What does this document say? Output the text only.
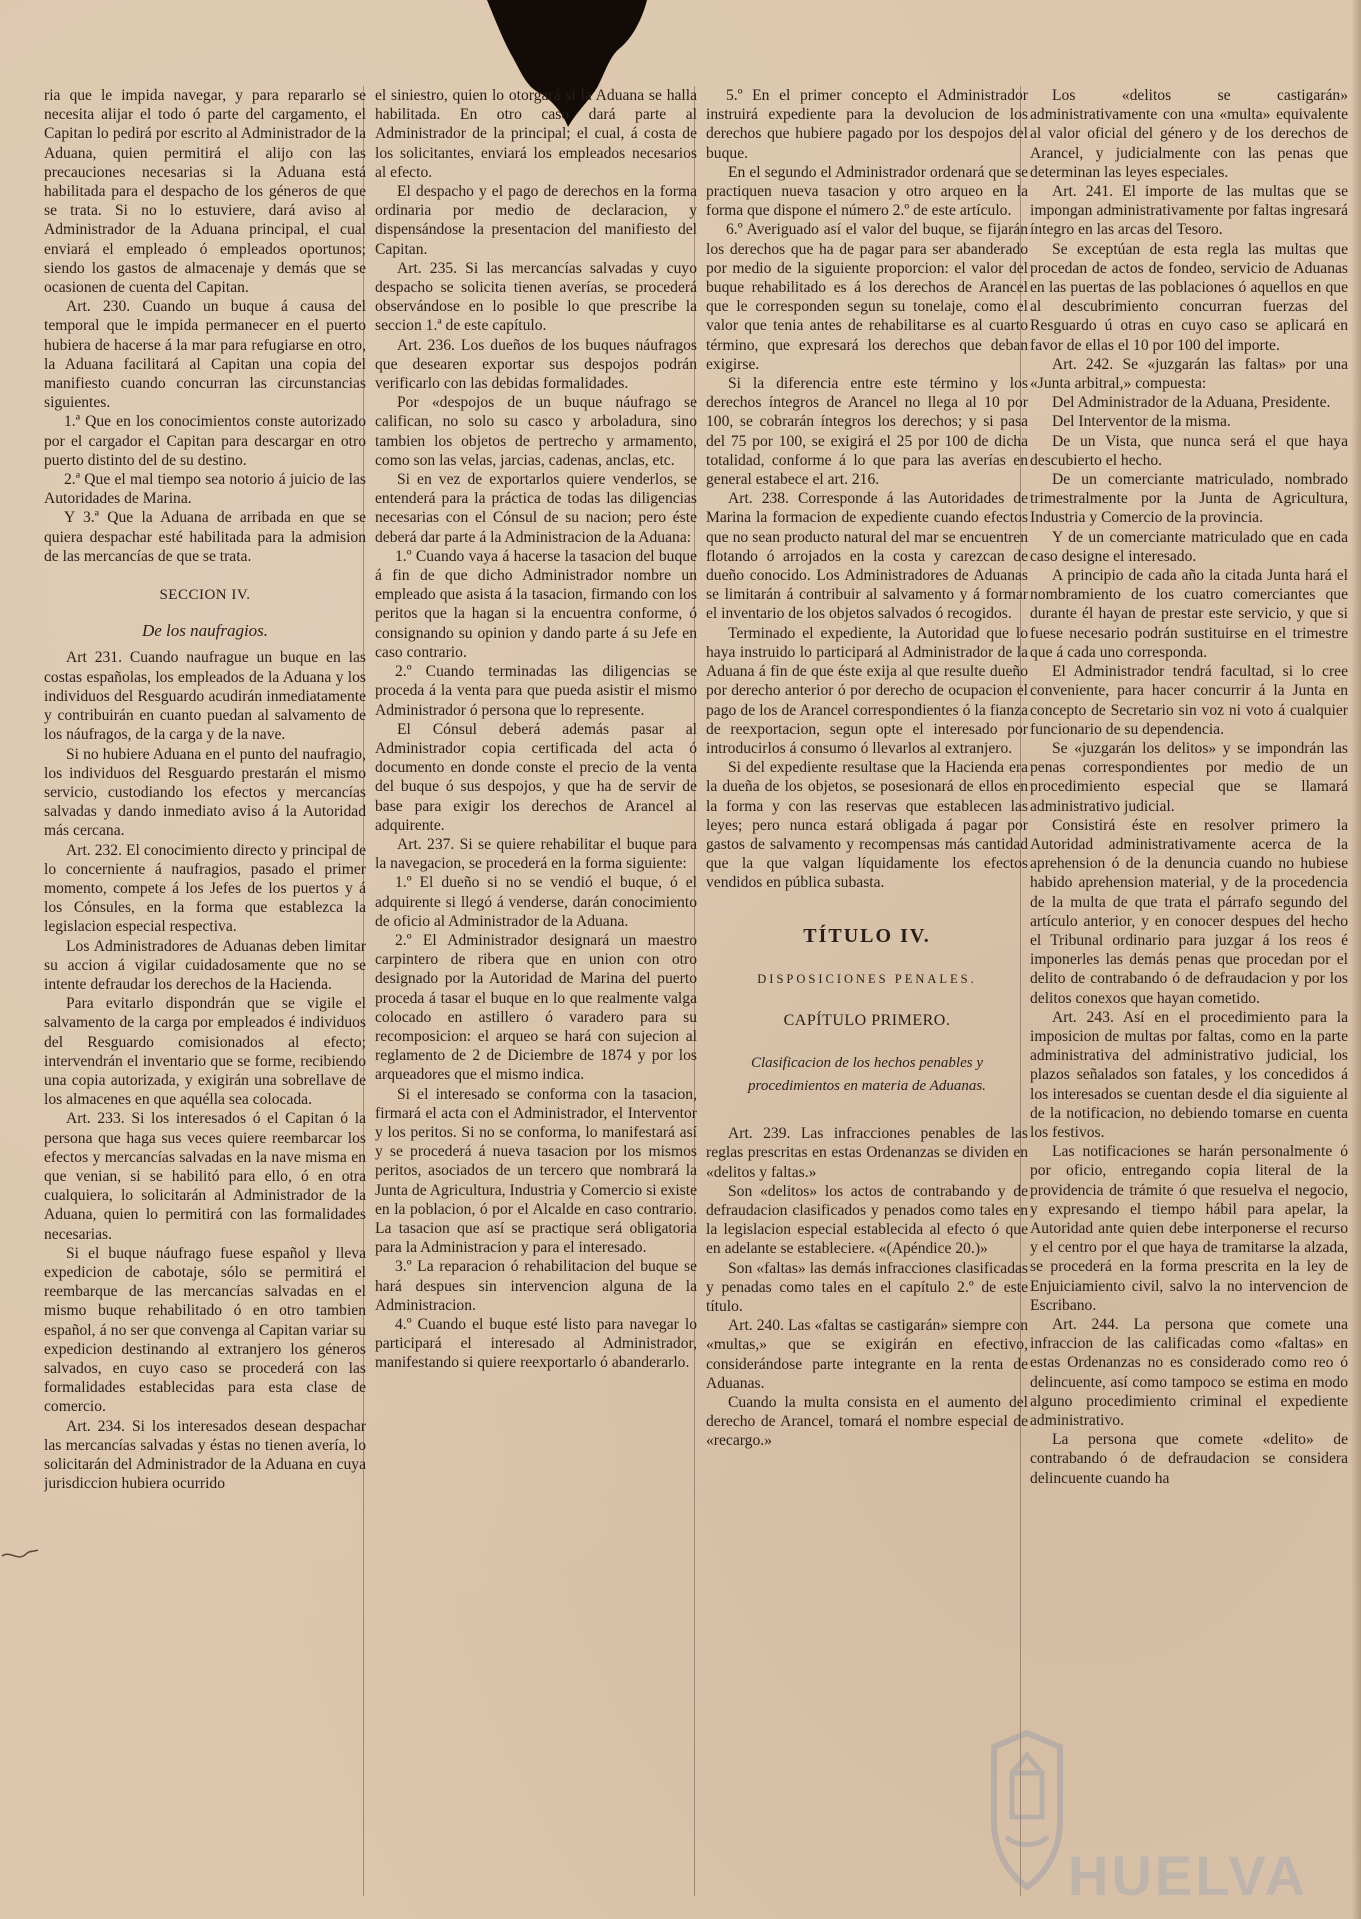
ria que le impida navegar, y para repararlo se necesita alijar el todo ó parte del cargamento, el Capitan lo pedirá por escrito al Administrador de la Aduana, quien permitirá el alijo con las precauciones necesarias si la Aduana está habilitada para el despacho de los géneros de que se trata. Si no lo estuviere, dará aviso al Administrador de la Aduana principal, el cual enviará el empleado ó empleados oportunos; siendo los gastos de almacenaje y demás que se ocasionen de cuenta del Capitan.

Art. 230. Cuando un buque á causa del temporal que le impida permanecer en el puerto hubiera de hacerse á la mar para refugiarse en otro, la Aduana facilitará al Capitan una copia del manifiesto cuando concurran las circunstancias siguientes.

1.ª Que en los conocimientos conste autorizado por el cargador el Capitan para descargar en otro puerto distinto del de su destino.

2.ª Que el mal tiempo sea notorio á juicio de las Autoridades de Marina.

Y 3.ª Que la Aduana de arribada en que se quiera despachar esté habilitada para la admision de las mercancías de que se trata.

SECCION IV.

De los naufragios.

Art 231. Cuando naufrague un buque en las costas españolas, los empleados de la Aduana y los individuos del Resguardo acudirán inmediatamente y contribuirán en cuanto puedan al salvamento de los náufragos, de la carga y de la nave.

Si no hubiere Aduana en el punto del naufragio, los individuos del Resguardo prestarán el mismo servicio, custodiando los efectos y mercancías salvadas y dando inmediato aviso á la Autoridad más cercana.

Art. 232. El conocimiento directo y principal de lo concerniente á naufragios, pasado el primer momento, compete á los Jefes de los puertos y á los Cónsules, en la forma que establezca la legislacion especial respectiva.

Los Administradores de Aduanas deben limitar su accion á vigilar cuidadosamente que no se intente defraudar los derechos de la Hacienda.

Para evitarlo dispondrán que se vigile el salvamento de la carga por empleados é individuos del Resguardo comisionados al efecto; intervendrán el inventario que se forme, recibiendo una copia autorizada, y exigirán una sobrellave de los almacenes en que aquélla sea colocada.

Art. 233. Si los interesados ó el Capitan ó la persona que haga sus veces quiere reembarcar los efectos y mercancías salvadas en la nave misma en que venian, si se habilitó para ello, ó en otra cualquiera, lo solicitarán al Administrador de la Aduana, quien lo permitirá con las formalidades necesarias.

Si el buque náufrago fuese español y lleva expedicion de cabotaje, sólo se permitirá el reembarque de las mercancías salvadas en el mismo buque rehabilitado ó en otro tambien español, á no ser que convenga al Capitan variar su expedicion destinando al extranjero los géneros salvados, en cuyo caso se procederá con las formalidades establecidas para esta clase de comercio.

Art. 234. Si los interesados desean despachar las mercancías salvadas y éstas no tienen avería, lo solicitarán del Administrador de la Aduana en cuya jurisdiccion hubiera ocurrido

el siniestro, quien lo otorgará si la Aduana se halla habilitada. En otro caso dará parte al Administrador de la principal; el cual, á costa de los solicitantes, enviará los empleados necesarios al efecto.

El despacho y el pago de derechos en la forma ordinaria por medio de declaracion, y dispensándose la presentacion del manifiesto del Capitan.

Art. 235. Si las mercancías salvadas y cuyo despacho se solicita tienen averías, se procederá observándose en lo posible lo que prescribe la seccion 1.ª de este capítulo.

Art. 236. Los dueños de los buques náufragos que desearen exportar sus despojos podrán verificarlo con las debidas formalidades.

Por «despojos de un buque náufrago se califican, no solo su casco y arboladura, sino tambien los objetos de pertrecho y armamento, como son las velas, jarcias, cadenas, anclas, etc.

Si en vez de exportarlos quiere venderlos, se entenderá para la práctica de todas las diligencias necesarias con el Cónsul de su nacion; pero éste deberá dar parte á la Administracion de la Aduana:

1.º Cuando vaya á hacerse la tasacion del buque á fin de que dicho Administrador nombre un empleado que asista á la tasacion, firmando con los peritos que la hagan si la encuentra conforme, ó consignando su opinion y dando parte á su Jefe en caso contrario.

2.º Cuando terminadas las diligencias se proceda á la venta para que pueda asistir el mismo Administrador ó persona que lo represente.

El Cónsul deberá además pasar al Administrador copia certificada del acta ó documento en donde conste el precio de la venta del buque ó sus despojos, y que ha de servir de base para exigir los derechos de Arancel al adquirente.

Art. 237. Si se quiere rehabilitar el buque para la navegacion, se procederá en la forma siguiente:

1.º El dueño si no se vendió el buque, ó el adquirente si llegó á venderse, darán conocimiento de oficio al Administrador de la Aduana.

2.º El Administrador designará un maestro carpintero de ribera que en union con otro designado por la Autoridad de Marina del puerto proceda á tasar el buque en lo que realmente valga colocado en astillero ó varadero para su recomposicion: el arqueo se hará con sujecion al reglamento de 2 de Diciembre de 1874 y por los arqueadores que el mismo indica.

Si el interesado se conforma con la tasacion, firmará el acta con el Administrador, el Interventor y los peritos. Si no se conforma, lo manifestará así y se procederá á nueva tasacion por los mismos peritos, asociados de un tercero que nombrará la Junta de Agricultura, Industria y Comercio si existe en la poblacion, ó por el Alcalde en caso contrario. La tasacion que así se practique será obligatoria para la Administracion y para el interesado.

3.º La reparacion ó rehabilitacion del buque se hará despues sin intervencion alguna de la Administracion.

4.º Cuando el buque esté listo para navegar lo participará el interesado al Administrador, manifestando si quiere reexportarlo ó abanderarlo.

5.º En el primer concepto el Administrador instruirá expediente para la devolucion de los derechos que hubiere pagado por los despojos del buque.

En el segundo el Administrador ordenará que se practiquen nueva tasacion y otro arqueo en la forma que dispone el número 2.º de este artículo.

6.º Averiguado así el valor del buque, se fijarán los derechos que ha de pagar para ser abanderado por medio de la siguiente proporcion: el valor del buque rehabilitado es á los derechos de Arancel que le corresponden segun su tonelaje, como el valor que tenia antes de rehabilitarse es al cuarto término, que expresará los derechos que deban exigirse.

Si la diferencia entre este término y los derechos íntegros de Arancel no llega al 10 por 100, se cobrarán íntegros los derechos; y si pasa del 75 por 100, se exigirá el 25 por 100 de dicha totalidad, conforme á lo que para las averías en general estabece el art. 216.

Art. 238. Corresponde á las Autoridades de Marina la formacion de expediente cuando efectos que no sean producto natural del mar se encuentren flotando ó arrojados en la costa y carezcan de dueño conocido. Los Administradores de Aduanas se limitarán á contribuir al salvamento y á formar el inventario de los objetos salvados ó recogidos.

Terminado el expediente, la Autoridad que lo haya instruido lo participará al Administrador de la Aduana á fin de que éste exija al que resulte dueño por derecho anterior ó por derecho de ocupacion el pago de los de Arancel correspondientes ó la fianza de reexportacion, segun opte el interesado por introducirlos á consumo ó llevarlos al extranjero.

Si del expediente resultase que la Hacienda era la dueña de los objetos, se posesionará de ellos en la forma y con las reservas que establecen las leyes; pero nunca estará obligada á pagar por gastos de salvamento y recompensas más cantidad que la que valgan líquidamente los efectos vendidos en pública subasta.

TÍTULO IV.

DISPOSICIONES PENALES.

CAPÍTULO PRIMERO.

Clasificacion de los hechos penables y procedimientos en materia de Aduanas.

Art. 239. Las infracciones penables de las reglas prescritas en estas Ordenanzas se dividen en «delitos y faltas.»

Son «delitos» los actos de contrabando y de defraudacion clasificados y penados como tales en la legislacion especial establecida al efecto ó que en adelante se estableciere. «(Apéndice 20.)»

Son «faltas» las demás infracciones clasificadas y penadas como tales en el capítulo 2.º de este título.

Art. 240. Las «faltas se castigarán» siempre con «multas,» que se exigirán en efectivo, considerándose parte integrante en la renta de Aduanas.

Cuando la multa consista en el aumento del derecho de Arancel, tomará el nombre especial de «recargo.»

Los «delitos se castigarán» administrativamente con una «multa» equivalente al valor oficial del género y de los derechos de Arancel, y judicialmente con las penas que determinan las leyes especiales.

Art. 241. El importe de las multas que se impongan administrativamente por faltas ingresará íntegro en las arcas del Tesoro.

Se exceptúan de esta regla las multas que procedan de actos de fondeo, servicio de Aduanas en las puertas de las poblaciones ó aquellos en que al descubrimiento concurran fuerzas del Resguardo ú otras en cuyo caso se aplicará en favor de ellas el 10 por 100 del importe.

Art. 242. Se «juzgarán las faltas» por una «Junta arbitral,» compuesta:

Del Administrador de la Aduana, Presidente.

Del Interventor de la misma.

De un Vista, que nunca será el que haya descubierto el hecho.

De un comerciante matriculado, nombrado trimestralmente por la Junta de Agricultura, Industria y Comercio de la provincia.

Y de un comerciante matriculado que en cada caso designe el interesado.

A principio de cada año la citada Junta hará el nombramiento de los cuatro comerciantes que durante él hayan de prestar este servicio, y que si fuese necesario podrán sustituirse en el trimestre que á cada uno corresponda.

El Administrador tendrá facultad, si lo cree conveniente, para hacer concurrir á la Junta en concepto de Secretario sin voz ni voto á cualquier funcionario de su dependencia.

Se «juzgarán los delitos» y se impondrán las penas correspondientes por medio de un procedimiento especial que se llamará administrativo judicial.

Consistirá éste en resolver primero la Autoridad administrativamente acerca de la aprehension ó de la denuncia cuando no hubiese habido aprehension material, y de la procedencia de la multa de que trata el párrafo segundo del artículo anterior, y en conocer despues del hecho el Tribunal ordinario para juzgar á los reos é imponerles las demás penas que procedan por el delito de contrabando ó de defraudacion y por los delitos conexos que hayan cometido.

Art. 243. Así en el procedimiento para la imposicion de multas por faltas, como en la parte administrativa del administrativo judicial, los plazos señalados son fatales, y los concedidos á los interesados se cuentan desde el dia siguiente al de la notificacion, no debiendo tomarse en cuenta los festivos.

Las notificaciones se harán personalmente ó por oficio, entregando copia literal de la providencia de trámite ó que resuelva el negocio, y expresando el tiempo hábil para apelar, la Autoridad ante quien debe interponerse el recurso y el centro por el que haya de tramitarse la alzada, se procederá en la forma prescrita en la ley de Enjuiciamiento civil, salvo la no intervencion de Escribano.

Art. 244. La persona que comete una infraccion de las calificadas como «faltas» en estas Ordenanzas no es considerado como reo ó delincuente, así como tampoco se estima en modo alguno procedimiento criminal el expediente administrativo.

La persona que comete «delito» de contrabando ó de defraudacion se considera delincuente cuando ha

HUELVA
